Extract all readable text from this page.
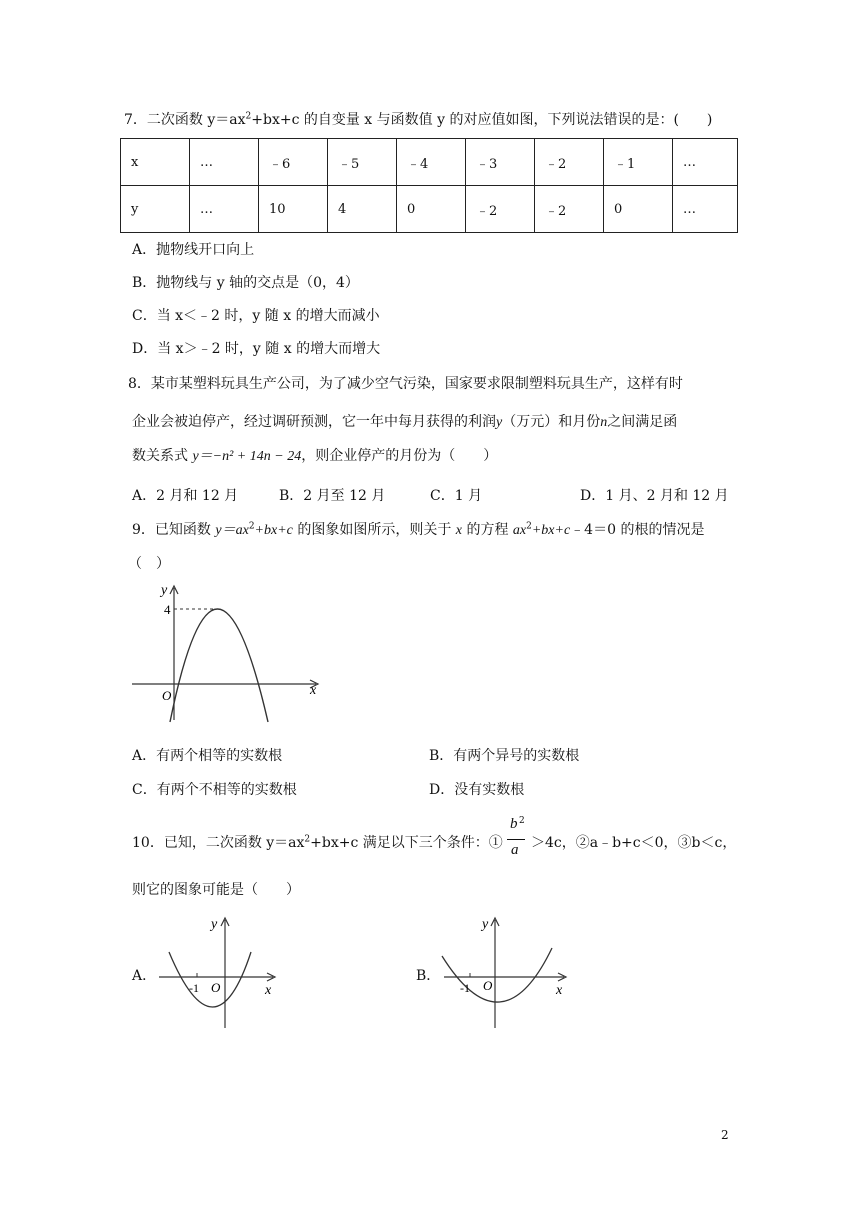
7．二次函数 $y=ax^2+bx+c$ 的自变量 x 与函数值 y 的对应值如图，下列说法错误的是：(　　)
x	…	﹣6	﹣5	﹣4	﹣3	﹣2	﹣1	…
y	…	10	4	0	﹣2	﹣2	0	…
A．抛物线开口向上
B．抛物线与 y 轴的交点是（0，4）
C．当 x＜﹣2 时，y 随 x 的增大而减小
D．当 x＞﹣2 时，y 随 x 的增大而增大
8．某市某塑料玩具生产公司，为了减少空气污染，国家要求限制塑料玩具生产，这样有时
企业会被迫停产，经过调研预测，它一年中每月获得的利润y（万元）和月份n之间满足函
数关系式 y＝−n² + 14n − 24，则企业停产的月份为（　　）
A．2 月和 12 月	B．2 月至 12 月	C．1 月	D．1 月、2 月和 12 月
9．已知函数 $y=ax^2+bx+c$ 的图象如图所示，则关于 x 的方程 $ax^2+bx+c﹣4=0$ 的根的情况是
（　）
4
O	x
y
A．有两个相等的实数根	B．有两个异号的实数根
C．有两个不相等的实数根	D．没有实数根
10．已知，二次函数 $y=ax^2+bx+c$ 满足以下三个条件：①
b 2
a ＞4c，②a﹣b+c＜0，③b＜c，
则它的图象可能是（　　）
A．
-1 O	x
y
B．
-1 O	x
y
2
